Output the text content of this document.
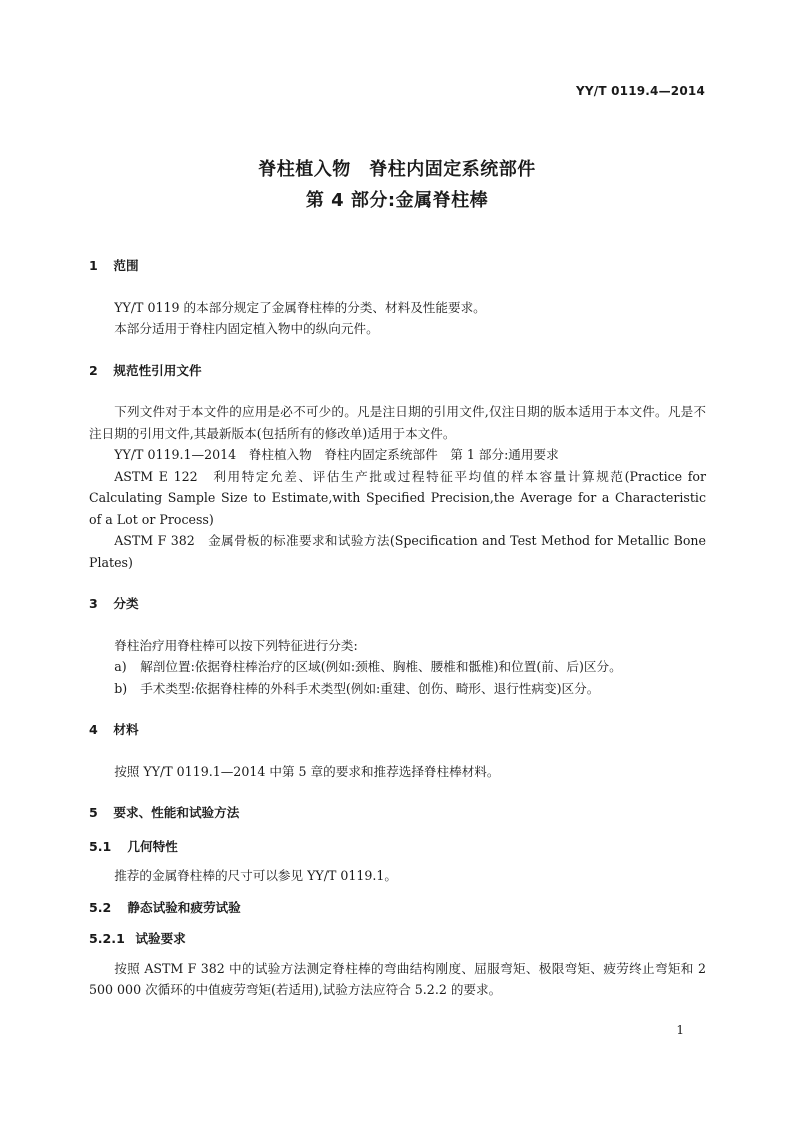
YY/T 0119.4—2014
脊柱植入物　脊柱内固定系统部件
第 4 部分:金属脊柱棒
1 范围
YY/T 0119 的本部分规定了金属脊柱棒的分类、材料及性能要求。
本部分适用于脊柱内固定植入物中的纵向元件。
2 规范性引用文件
下列文件对于本文件的应用是必不可少的。凡是注日期的引用文件,仅注日期的版本适用于本文件。凡是不注日期的引用文件,其最新版本(包括所有的修改单)适用于本文件。
YY/T 0119.1—2014　脊柱植入物　脊柱内固定系统部件　第 1 部分:通用要求
ASTM E 122　利用特定允差、评估生产批或过程特征平均值的样本容量计算规范(Practice for Calculating Sample Size to Estimate,with Specified Precision,the Average for a Characteristic of a Lot or Process)
ASTM F 382　金属骨板的标准要求和试验方法(Specification and Test Method for Metallic Bone Plates)
3 分类
脊柱治疗用脊柱棒可以按下列特征进行分类:
a) 解剖位置:依据脊柱棒治疗的区域(例如:颈椎、胸椎、腰椎和骶椎)和位置(前、后)区分。
b) 手术类型:依据脊柱棒的外科手术类型(例如:重建、创伤、畸形、退行性病变)区分。
4 材料
按照 YY/T 0119.1—2014 中第 5 章的要求和推荐选择脊柱棒材料。
5 要求、性能和试验方法
5.1 几何特性
推荐的金属脊柱棒的尺寸可以参见 YY/T 0119.1。
5.2 静态试验和疲劳试验
5.2.1 试验要求
按照 ASTM F 382 中的试验方法测定脊柱棒的弯曲结构刚度、屈服弯矩、极限弯矩、疲劳终止弯矩和 2 500 000 次循环的中值疲劳弯矩(若适用),试验方法应符合 5.2.2 的要求。
1
